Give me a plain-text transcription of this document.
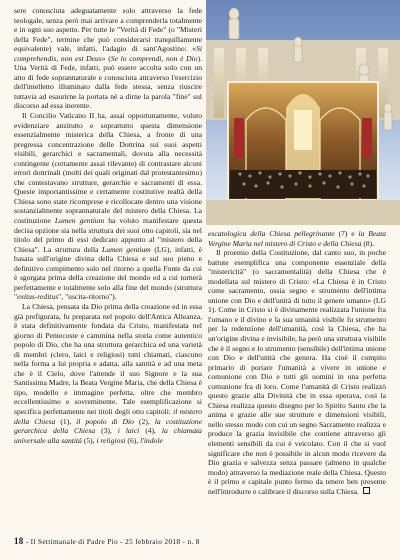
sere conosciuta adeguatamente solo attraverso la fede teologale, senza però mai arrivare a comprenderla totalmente e in ogni suo aspetto. Per tutte le "Verità di Fede" (o "Misteri della Fede", termine che può considerarsi tranquillamente equivalente) vale, infatti, l'adagio di sant'Agostino: «Si comprehendis, non est Deus» (Se lo comprendi, non è Dio). Una Verità di Fede, infatti, può essere accolta solo con un atto di fede soprannaturale e conosciuta attraverso l'esercizio dell'intelletto illuminato dalla fede stessa, senza riuscire tuttavia ad esaurirne la portata né a dirne la parola "fine" sul discorso ad essa inerente.

Il Concilio Vaticano II ha, assai opportunamente, voluto evidenziare anzitutto e soprattutto questa dimensione essenzialmente misterica della Chiesa, a fronte di una pregressa concentrazione delle Dottrina sui suoi aspetti visibili, gerarchici e sacramentali, dovuta alla necessità contingente (certamente assai rilevante) di contrastare alcuni errori dottrinali (molti dei quali originati dal protestantesimo) che contestavano strutture, gerarchie e sacramenti di essa. Queste importantissime e certamente costitutive realtà della Chiesa sono state ricomprese e ricollocate dentro una visione sostanzialmente soprannaturale del mistero della Chiesa. La costituzione Lumen gentium ha voluto manifestare questa decisa opzione sia nella struttura dei suoi otto capitoli, sia nel titolo del primo di essi dedicato appunto al "mistero della Chiesa". La struttura della Lumen gentium (LG), infatti, è basata sull'origine divina della Chiesa e sul suo pieno e definitivo compimento solo nel ritorno a quella Fonte da cui è sgorgata prima della creazione del mondo ed a cui tornerà perfettamente e totalmente solo alla fine del mondo (struttura "exitus-reditus", "uscita-ritorno").

La Chiesa, pensata da Dio prima della creazione ed in essa già prefigurata, fu preparata nel popolo dell'Antica Alleanza, è stata definitivamente fondata da Cristo, manifestata nel giorno di Pentecoste e cammina nella storia come autentico popolo di Dio, che ha una struttura gerarchica ed una varietà di membri (clero, laici e religiosi) tutti chiamati, ciascuno nella forma a lui propria e adatta, alla santità e ad una meta che è il Cielo, dove l'attende il suo Signore e la sua Santissima Madre, la Beata Vergine Maria, che della Chiesa è tipo, modello e immagine perfetta, oltre che membro eccellentissimo e sovreminente. Tale esemplificazione si specifica perfettamente nei titoli degli otto capitoli: il mistero della Chiesa (1), il popolo di Dio (2), la costituzione gerarchica della Chiesa (3), i laici (4), la chiamata universale alla santità (5), i religiosi (6), l'indole

escatologica della Chiesa pellegrinante (7) e la Beata Vergine Maria nel mistero di Cristo e della Chiesa (8).

Il proemio della Costituzione, dal canto suo, in poche battute esemplifica una componente essenziale della "mistericità" (o sacramentalità) della Chiesa che è modellata sul mistero di Cristo: «La Chiesa è in Cristo come sacramento, ossia segno e strumento dell'intima unione con Dio e dell'unità di tutto il genere umano» (LG 1). Come in Cristo si è divinamente realizzata l'unione fra l'umano e il divino e la sua umanità visibile fu strumento per la redenzione dell'umanità, così la Chiesa, che ha un'origine divina e invisibile, ha però una struttura visibile che è il segno e lo strumento (sensibile) dell'intima unione con Dio e dell'unità che genera. Ha cioè il compito primario di portare l'umanità a vivere in unione e comunione con Dio e tutti gli uomini in una perfetta comunione fra di loro. Come l'umanità di Cristo realizzò questo grazie alla Divinità che in essa operava, così la Chiesa realizza questo disegno per lo Spirito Santo che la anima e grazie alle sue strutture e dimensioni visibili, nello stesso modo con cui un segno Sacramento realizza e produce la grazia invisibile che contiene attraverso gli elementi sensibili da cui è veicolato. Con il che si vuol significare che non è possibile in alcun modo ricevere da Dio grazia e salvezza senza passare (almeno in qualche modo) attraverso la mediazione reale della Chiesa. Questo è il primo e capitale punto fermo da tenere ben presente nell'introdurre e calibrare il discorso sulla Chiesa.

18 - Il Settimanale di Padre Pio - 25 febbraio 2018 - n. 8
